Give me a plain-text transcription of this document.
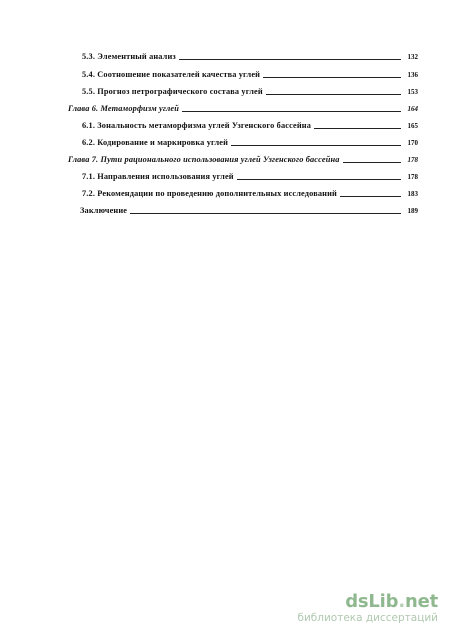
5.3. Элементный анализ	132
5.4. Соотношение показателей качества углей	136
5.5. Прогноз петрографического состава углей	153
Глава 6. Метаморфизм углей	164
6.1. Зональность метаморфизма углей Узгенского бассейна	165
6.2. Кодирование и маркировка углей	170
Глава 7. Пути рационального использования углей Узгенского бассейна	178
7.1. Направления использования углей	178
7.2. Рекомендации по проведению дополнительных исследований	183
Заключение	189
dsLib.net
библиотека диссертаций
